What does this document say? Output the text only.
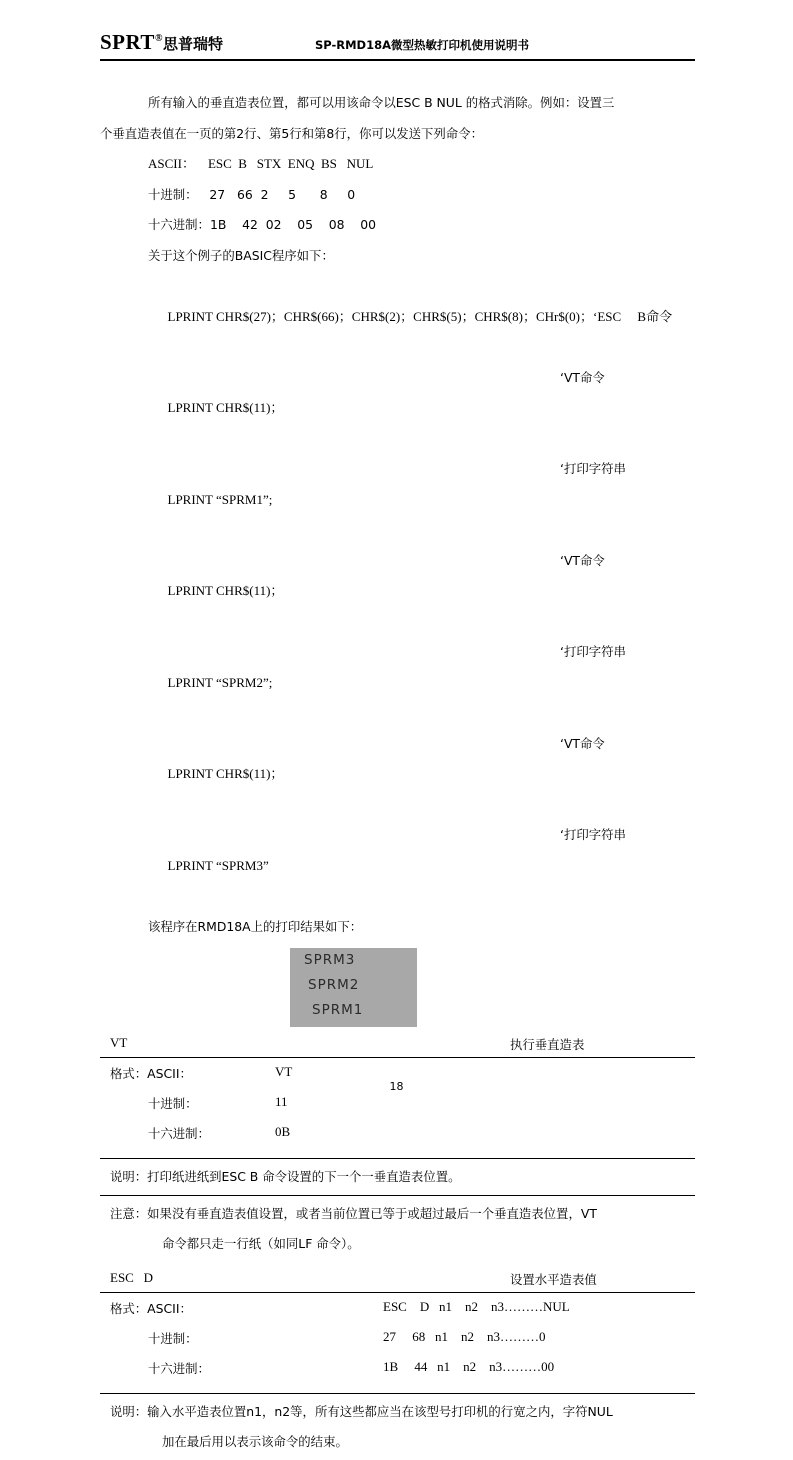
SPRT®思普瑞特	SP-RMD18A微型热敏打印机使用说明书

所有输入的垂直造表位置，都可以用该命令以ESC B NUL 的格式消除。例如：设置三

个垂直造表值在一页的第2行、第5行和第8行，你可以发送下列命令：

ASCII：    ESC  B   STX  ENQ  BS   NUL
十进制：   27   66  2     5      8     0
十六进制：1B    42  02    05    08    00
关于这个例子的BASIC程序如下：

LPRINT CHR$(27)；CHR$(66)；CHR$(2)；CHR$(5)；CHR$(8)；CHr$(0)；‘ESC     B命令

LPRINT CHR$(11)；
‘VT命令

LPRINT “SPRM1”;
‘打印字符串

LPRINT CHR$(11)；
‘VT命令

LPRINT “SPRM2”;
‘打印字符串

LPRINT CHR$(11)；
‘VT命令

LPRINT “SPRM3”
‘打印字符串

该程序在RMD18A上的打印结果如下：
SPRM3
SPRM2
SPRM1
VT	执行垂直造表
格式：ASCII：	VT
十进制：	11
十六进制：	0B
说明：打印纸进纸到ESC B 命令设置的下一个一垂直造表位置。
注意：如果没有垂直造表值设置，或者当前位置已等于或超过最后一个垂直造表位置，VT
命令都只走一行纸（如同LF 命令）。
ESC   D	设置水平造表值
格式：ASCII：	ESC    D   n1    n2    n3………NUL
十进制：	27     68   n1    n2    n3………0
十六进制：	1B     44   n1    n2    n3………00
说明：输入水平造表位置n1，n2等，所有这些都应当在该型号打印机的行宽之内，字符NUL
加在最后用以表示该命令的结束。
18
